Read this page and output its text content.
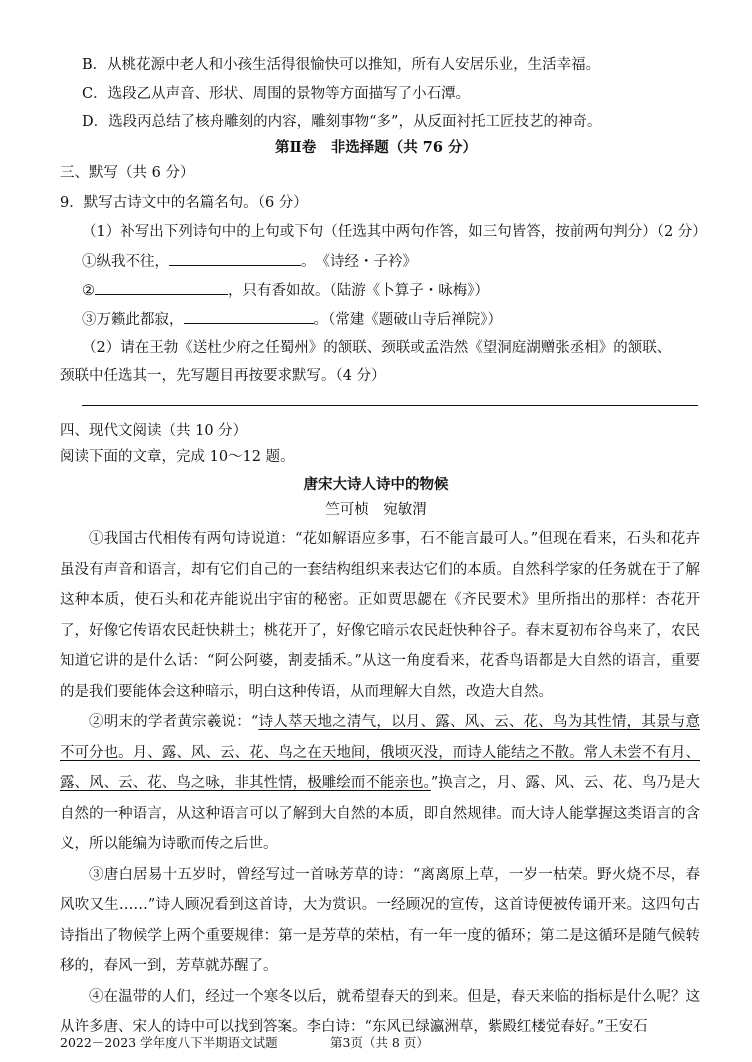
B．从桃花源中老人和小孩生活得很愉快可以推知，所有人安居乐业，生活幸福。
C．选段乙从声音、形状、周围的景物等方面描写了小石潭。
D．选段丙总结了核舟雕刻的内容，雕刻事物“多”，从反面衬托工匠技艺的神奇。
第Ⅱ卷　非选择题（共 76 分）
三、默写（共 6 分）
9．默写古诗文中的名篇名句。（6 分）
（1）补写出下列诗句中的上句或下句（任选其中两句作答，如三句皆答，按前两句判分）（2 分）
①纵我不往，	。　《诗经・子衿》
②	，只有香如故。（陆游《卜算子・咏梅》）
③万籁此都寂，	。（常建《题破山寺后禅院》）
（2）请在王勃《送杜少府之任蜀州》的颔联、颈联或孟浩然《望洞庭湖赠张丞相》的颔联、
颈联中任选其一，先写题目再按要求默写。（4 分）
四、现代文阅读（共 10 分）
阅读下面的文章，完成 10～12 题。
唐宋大诗人诗中的物候
竺可桢　宛敏渭

①我国古代相传有两句诗说道：“花如解语应多事，石不能言最可人。”但现在看来，石头和花卉虽没有声音和语言，却有它们自己的一套结构组织来表达它们的本质。自然科学家的任务就在于了解这种本质，使石头和花卉能说出宇宙的秘密。正如贾思勰在《齐民要术》里所指出的那样：杏花开了，好像它传语农民赶快耕土；桃花开了，好像它暗示农民赶快种谷子。春末夏初布谷鸟来了，农民知道它讲的是什么话：“阿公阿婆，割麦插禾。”从这一角度看来，花香鸟语都是大自然的语言，重要的是我们要能体会这种暗示，明白这种传语，从而理解大自然，改造大自然。

②明末的学者黄宗羲说：“诗人萃天地之清气，以月、露、风、云、花、鸟为其性情，其景与意不可分也。月、露、风、云、花、鸟之在天地间，俄顷灭没，而诗人能结之不散。常人未尝不有月、露、风、云、花、鸟之咏，非其性情，极雕绘而不能亲也。”换言之，月、露、风、云、花、鸟乃是大自然的一种语言，从这种语言可以了解到大自然的本质，即自然规律。而大诗人能掌握这类语言的含义，所以能编为诗歌而传之后世。

③唐白居易十五岁时，曾经写过一首咏芳草的诗：“离离原上草，一岁一枯荣。野火烧不尽，春风吹又生……”诗人顾况看到这首诗，大为赏识。一经顾况的宣传，这首诗便被传诵开来。这四句古诗指出了物候学上两个重要规律：第一是芳草的荣枯，有一年一度的循环；第二是这循环是随气候转移的，春风一到，芳草就苏醒了。

④在温带的人们，经过一个寒冬以后，就希望春天的到来。但是，春天来临的指标是什么呢？这从许多唐、宋人的诗中可以找到答案。李白诗：“东风已绿瀛洲草，紫殿红楼觉春好。”王安石

2022－2023 学年度八下半期语文试题	第3页（共 8 页）
